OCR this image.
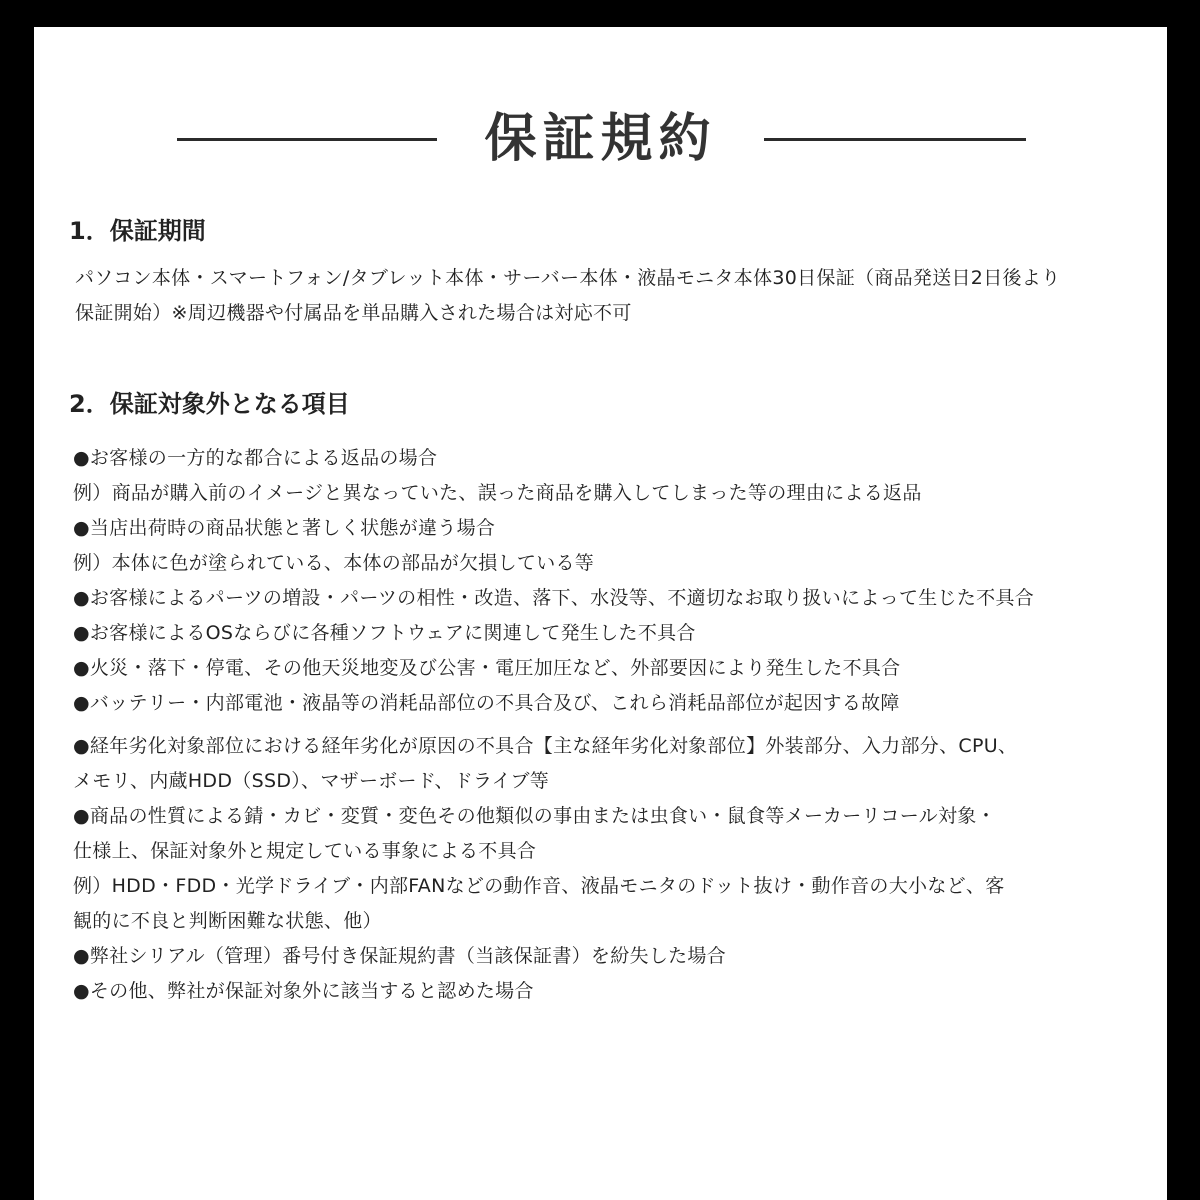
保証規約
1．保証期間
パソコン本体・スマートフォン/タブレット本体・サーバー本体・液晶モニタ本体30日保証（商品発送日2日後より
保証開始）※周辺機器や付属品を単品購入された場合は対応不可
2．保証対象外となる項目
●お客様の一方的な都合による返品の場合
例）商品が購入前のイメージと異なっていた、誤った商品を購入してしまった等の理由による返品
●当店出荷時の商品状態と著しく状態が違う場合
例）本体に色が塗られている、本体の部品が欠損している等
●お客様によるパーツの増設・パーツの相性・改造、落下、水没等、不適切なお取り扱いによって生じた不具合
●お客様によるOSならびに各種ソフトウェアに関連して発生した不具合
●火災・落下・停電、その他天災地変及び公害・電圧加圧など、外部要因により発生した不具合
●バッテリー・内部電池・液晶等の消耗品部位の不具合及び、これら消耗品部位が起因する故障
●経年劣化対象部位における経年劣化が原因の不具合【主な経年劣化対象部位】外装部分、入力部分、CPU、
メモリ、内蔵HDD（SSD）、マザーボード、ドライブ等
●商品の性質による錆・カビ・変質・変色その他類似の事由または虫食い・鼠食等メーカーリコール対象・
仕様上、保証対象外と規定している事象による不具合
例）HDD・FDD・光学ドライブ・内部FANなどの動作音、液晶モニタのドット抜け・動作音の大小など、客
観的に不良と判断困難な状態、他）
●弊社シリアル（管理）番号付き保証規約書（当該保証書）を紛失した場合
●その他、弊社が保証対象外に該当すると認めた場合
